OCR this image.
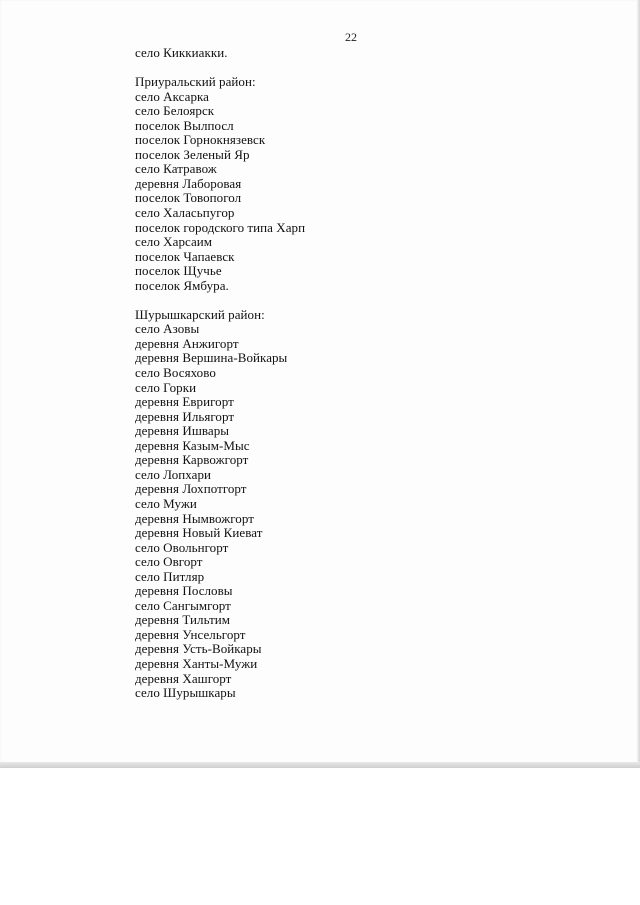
22
село Киккиакки.
Приуральский район:
село Аксарка
село Белоярск
поселок Вылпосл
поселок Горнокнязевск
поселок Зеленый Яр
село Катравож
деревня Лаборовая
поселок Товопогол
село Халасьпугор
поселок городского типа Харп
село Харсаим
поселок Чапаевск
поселок Щучье
поселок Ямбура.
Шурышкарский район:
село Азовы
деревня Анжигорт
деревня Вершина-Войкары
село Восяхово
село Горки
деревня Евригорт
деревня Ильягорт
деревня Ишвары
деревня Казым-Мыс
деревня Карвожгорт
село Лопхари
деревня Лохпотгорт
село Мужи
деревня Нымвожгорт
деревня Новый Киеват
село Овольнгорт
село Овгорт
село Питляр
деревня Пословы
село Сангымгорт
деревня Тильтим
деревня Унсельгорт
деревня Усть-Войкары
деревня Ханты-Мужи
деревня Хашгорт
село Шурышкары
